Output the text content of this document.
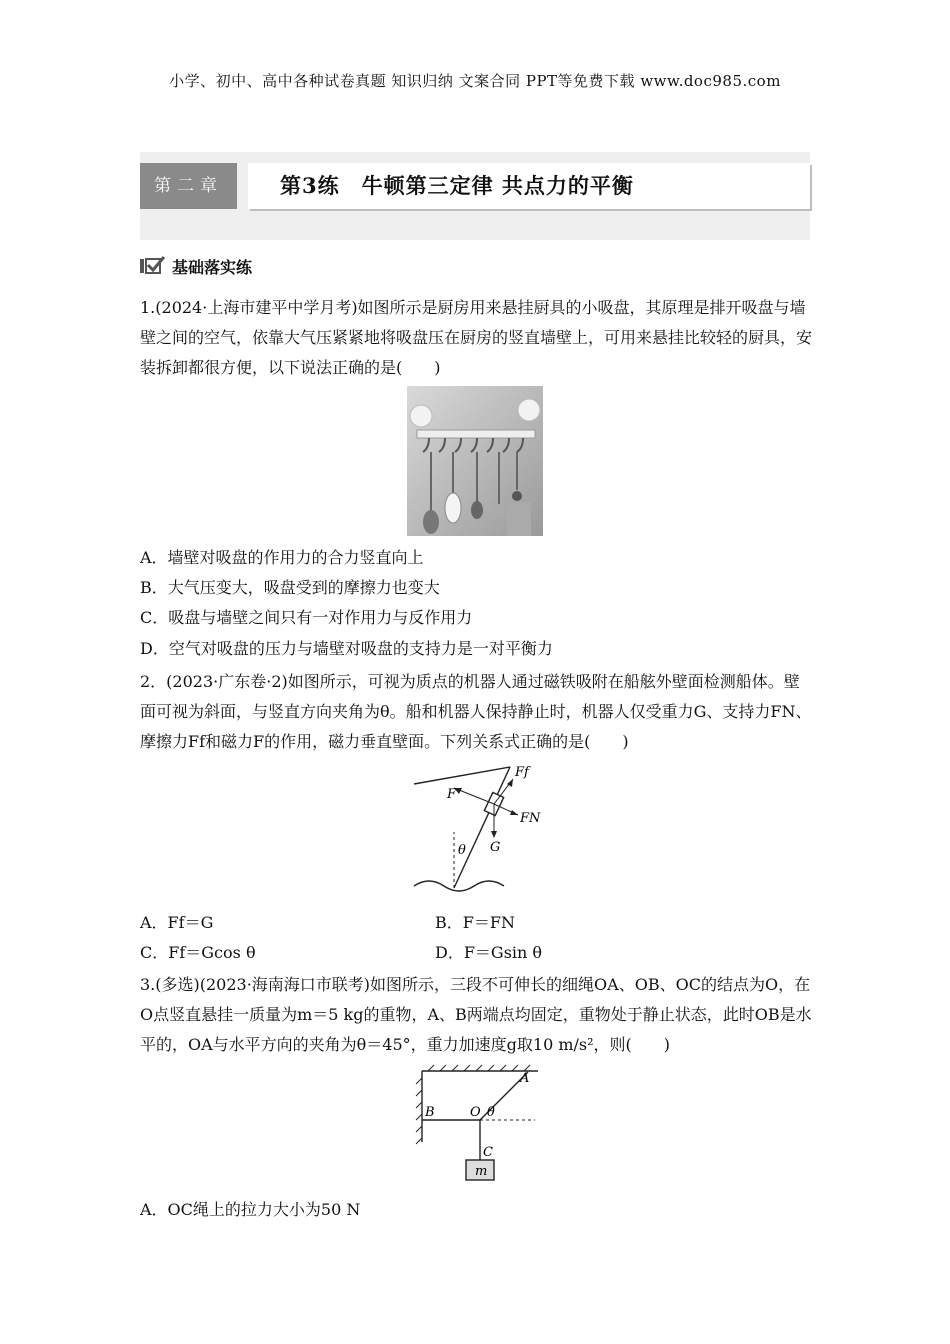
小学、初中、高中各种试卷真题 知识归纳 文案合同 PPT等免费下载 www.doc985.com
第二章	第3练　牛顿第三定律 共点力的平衡
基础落实练
1.(2024·上海市建平中学月考)如图所示是厨房用来悬挂厨具的小吸盘，其原理是排开吸盘与墙壁之间的空气，依靠大气压紧紧地将吸盘压在厨房的竖直墙壁上，可用来悬挂比较轻的厨具，安装拆卸都很方便，以下说法正确的是(　　)
A．墙壁对吸盘的作用力的合力竖直向上
B．大气压变大，吸盘受到的摩擦力也变大
C．吸盘与墙壁之间只有一对作用力与反作用力
D．空气对吸盘的压力与墙壁对吸盘的支持力是一对平衡力
2．(2023·广东卷·2)如图所示，可视为质点的机器人通过磁铁吸附在船舷外壁面检测船体。壁面可视为斜面，与竖直方向夹角为θ。船和机器人保持静止时，机器人仅受重力G、支持力FN、摩擦力Ff和磁力F的作用，磁力垂直壁面。下列关系式正确的是(　　)
Ff
F
FN
G
θ
A．Ff＝G	B．F＝FN
C．Ff＝Gcos θ	D．F＝Gsin θ
3.(多选)(2023·海南海口市联考)如图所示，三段不可伸长的细绳OA、OB、OC的结点为O，在O点竖直悬挂一质量为m＝5 kg的重物，A、B两端点均固定，重物处于静止状态，此时OB是水平的，OA与水平方向的夹角为θ＝45°，重力加速度g取10 m/s²，则(　　)
A
B	O θ
C
m
A．OC绳上的拉力大小为50 N
